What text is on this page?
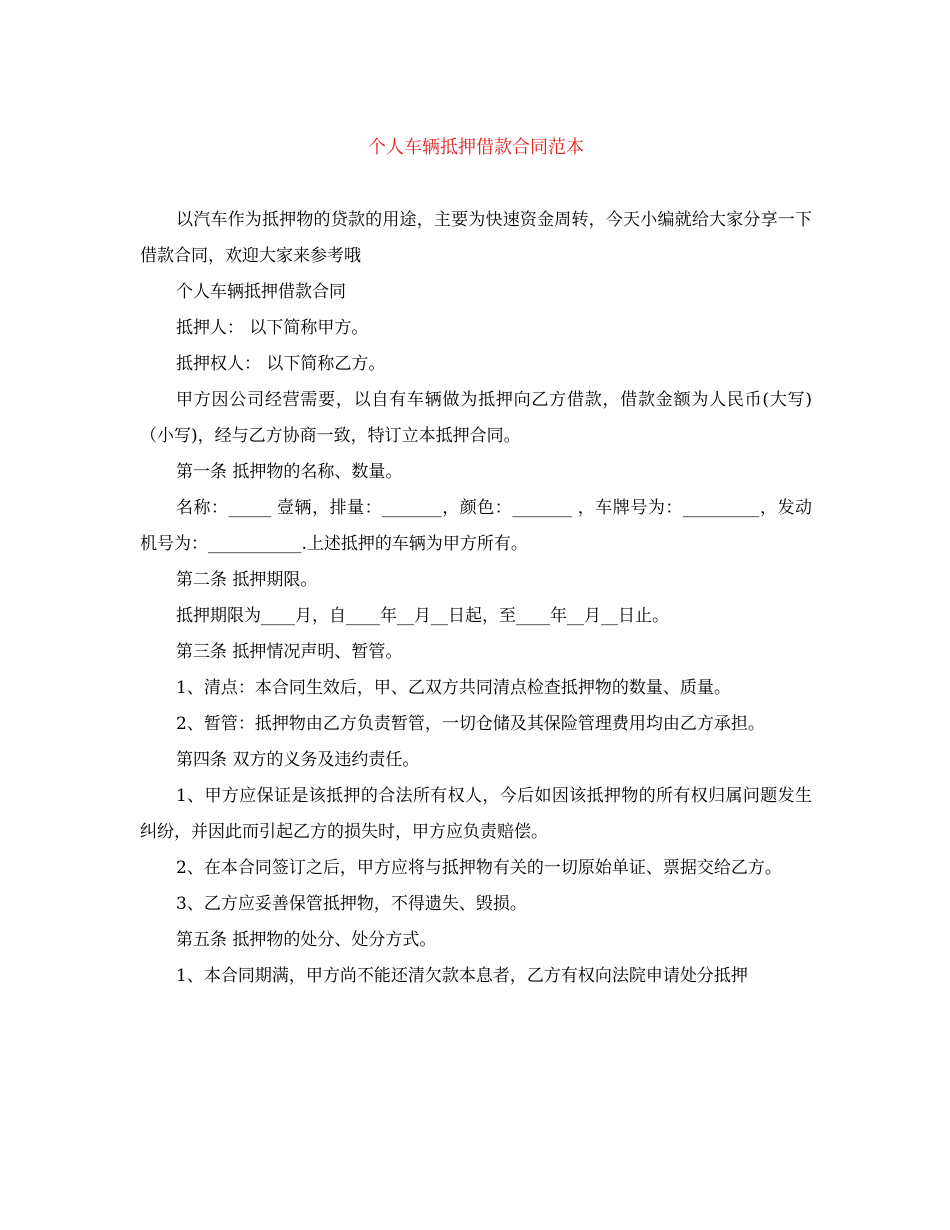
个人车辆抵押借款合同范本

以汽车作为抵押物的贷款的用途，主要为快速资金周转，今天小编就给大家分享一下借款合同，欢迎大家来参考哦

个人车辆抵押借款合同

抵押人： 以下简称甲方。

抵押权人： 以下简称乙方。

甲方因公司经营需要，以自有车辆做为抵押向乙方借款，借款金额为人民币(大写)（小写)，经与乙方协商一致，特订立本抵押合同。

第一条 抵押物的名称、数量。

名称：_____ 壹辆，排量：_______，颜色：_______ ，车牌号为：_________，发动机号为：___________.上述抵押的车辆为甲方所有。

第二条 抵押期限。

抵押期限为____月，自____年__月__日起，至____年__月__日止。

第三条 抵押情况声明、暂管。

1、清点：本合同生效后，甲、乙双方共同清点检查抵押物的数量、质量。

2、暂管：抵押物由乙方负责暂管，一切仓储及其保险管理费用均由乙方承担。

第四条 双方的义务及违约责任。

1、甲方应保证是该抵押的合法所有权人，今后如因该抵押物的所有权归属问题发生纠纷，并因此而引起乙方的损失时，甲方应负责赔偿。

2、在本合同签订之后，甲方应将与抵押物有关的一切原始单证、票据交给乙方。

3、乙方应妥善保管抵押物，不得遗失、毁损。

第五条 抵押物的处分、处分方式。

1、本合同期满，甲方尚不能还清欠款本息者，乙方有权向法院申请处分抵押
